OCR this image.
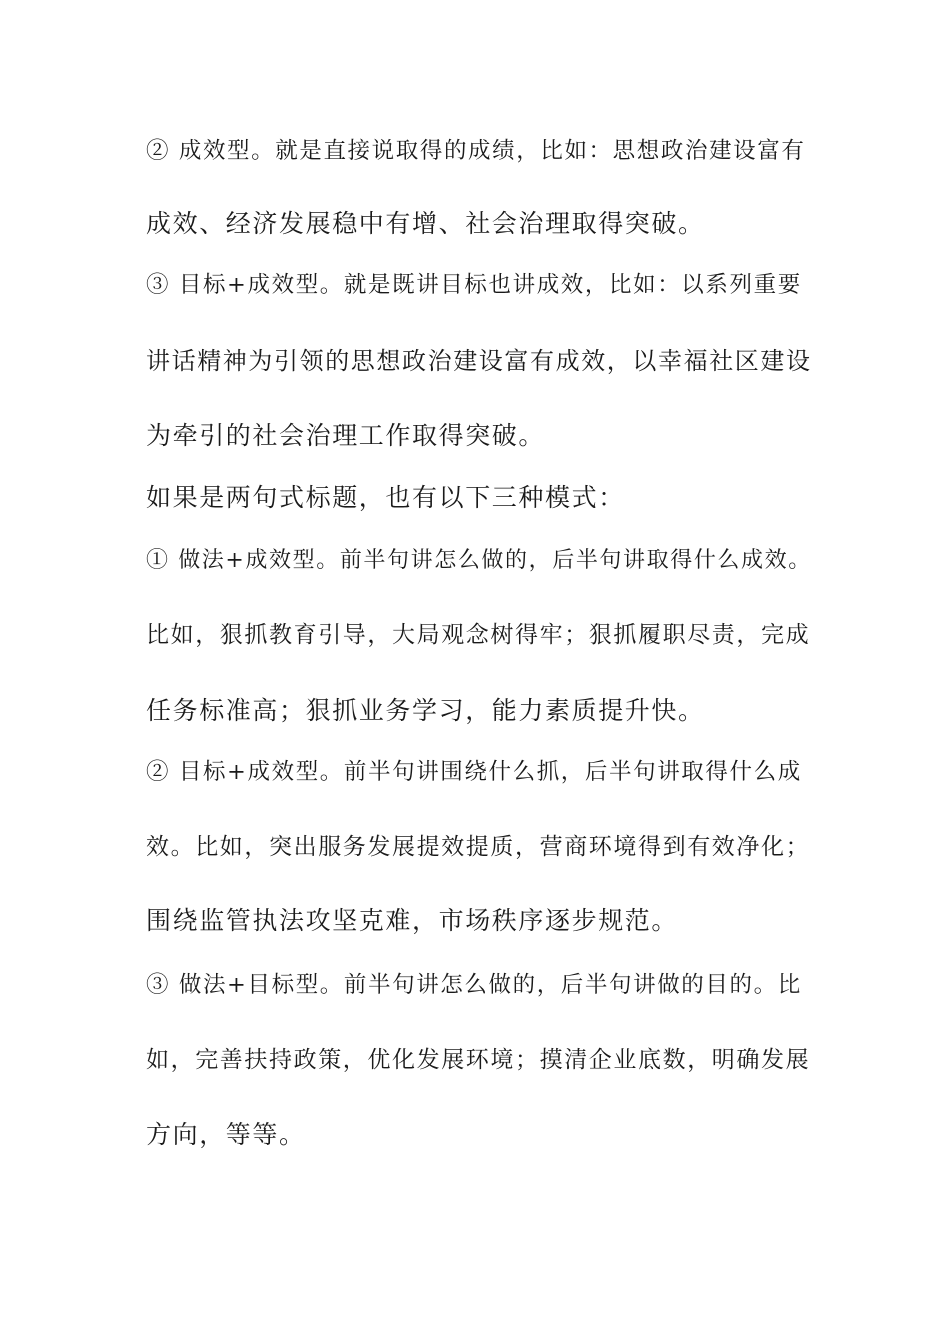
② 成效型。就是直接说取得的成绩，比如：思想政治建设富有
成效、经济发展稳中有增、社会治理取得突破。
③ 目标+成效型。就是既讲目标也讲成效，比如：以系列重要
讲话精神为引领的思想政治建设富有成效，以幸福社区建设
为牵引的社会治理工作取得突破。
如果是两句式标题，也有以下三种模式：
① 做法+成效型。前半句讲怎么做的，后半句讲取得什么成效。
比如，狠抓教育引导，大局观念树得牢；狠抓履职尽责，完成
任务标准高；狠抓业务学习，能力素质提升快。
② 目标+成效型。前半句讲围绕什么抓，后半句讲取得什么成
效。比如，突出服务发展提效提质，营商环境得到有效净化；
围绕监管执法攻坚克难，市场秩序逐步规范。
③ 做法+目标型。前半句讲怎么做的，后半句讲做的目的。比
如，完善扶持政策，优化发展环境；摸清企业底数，明确发展
方向，等等。
